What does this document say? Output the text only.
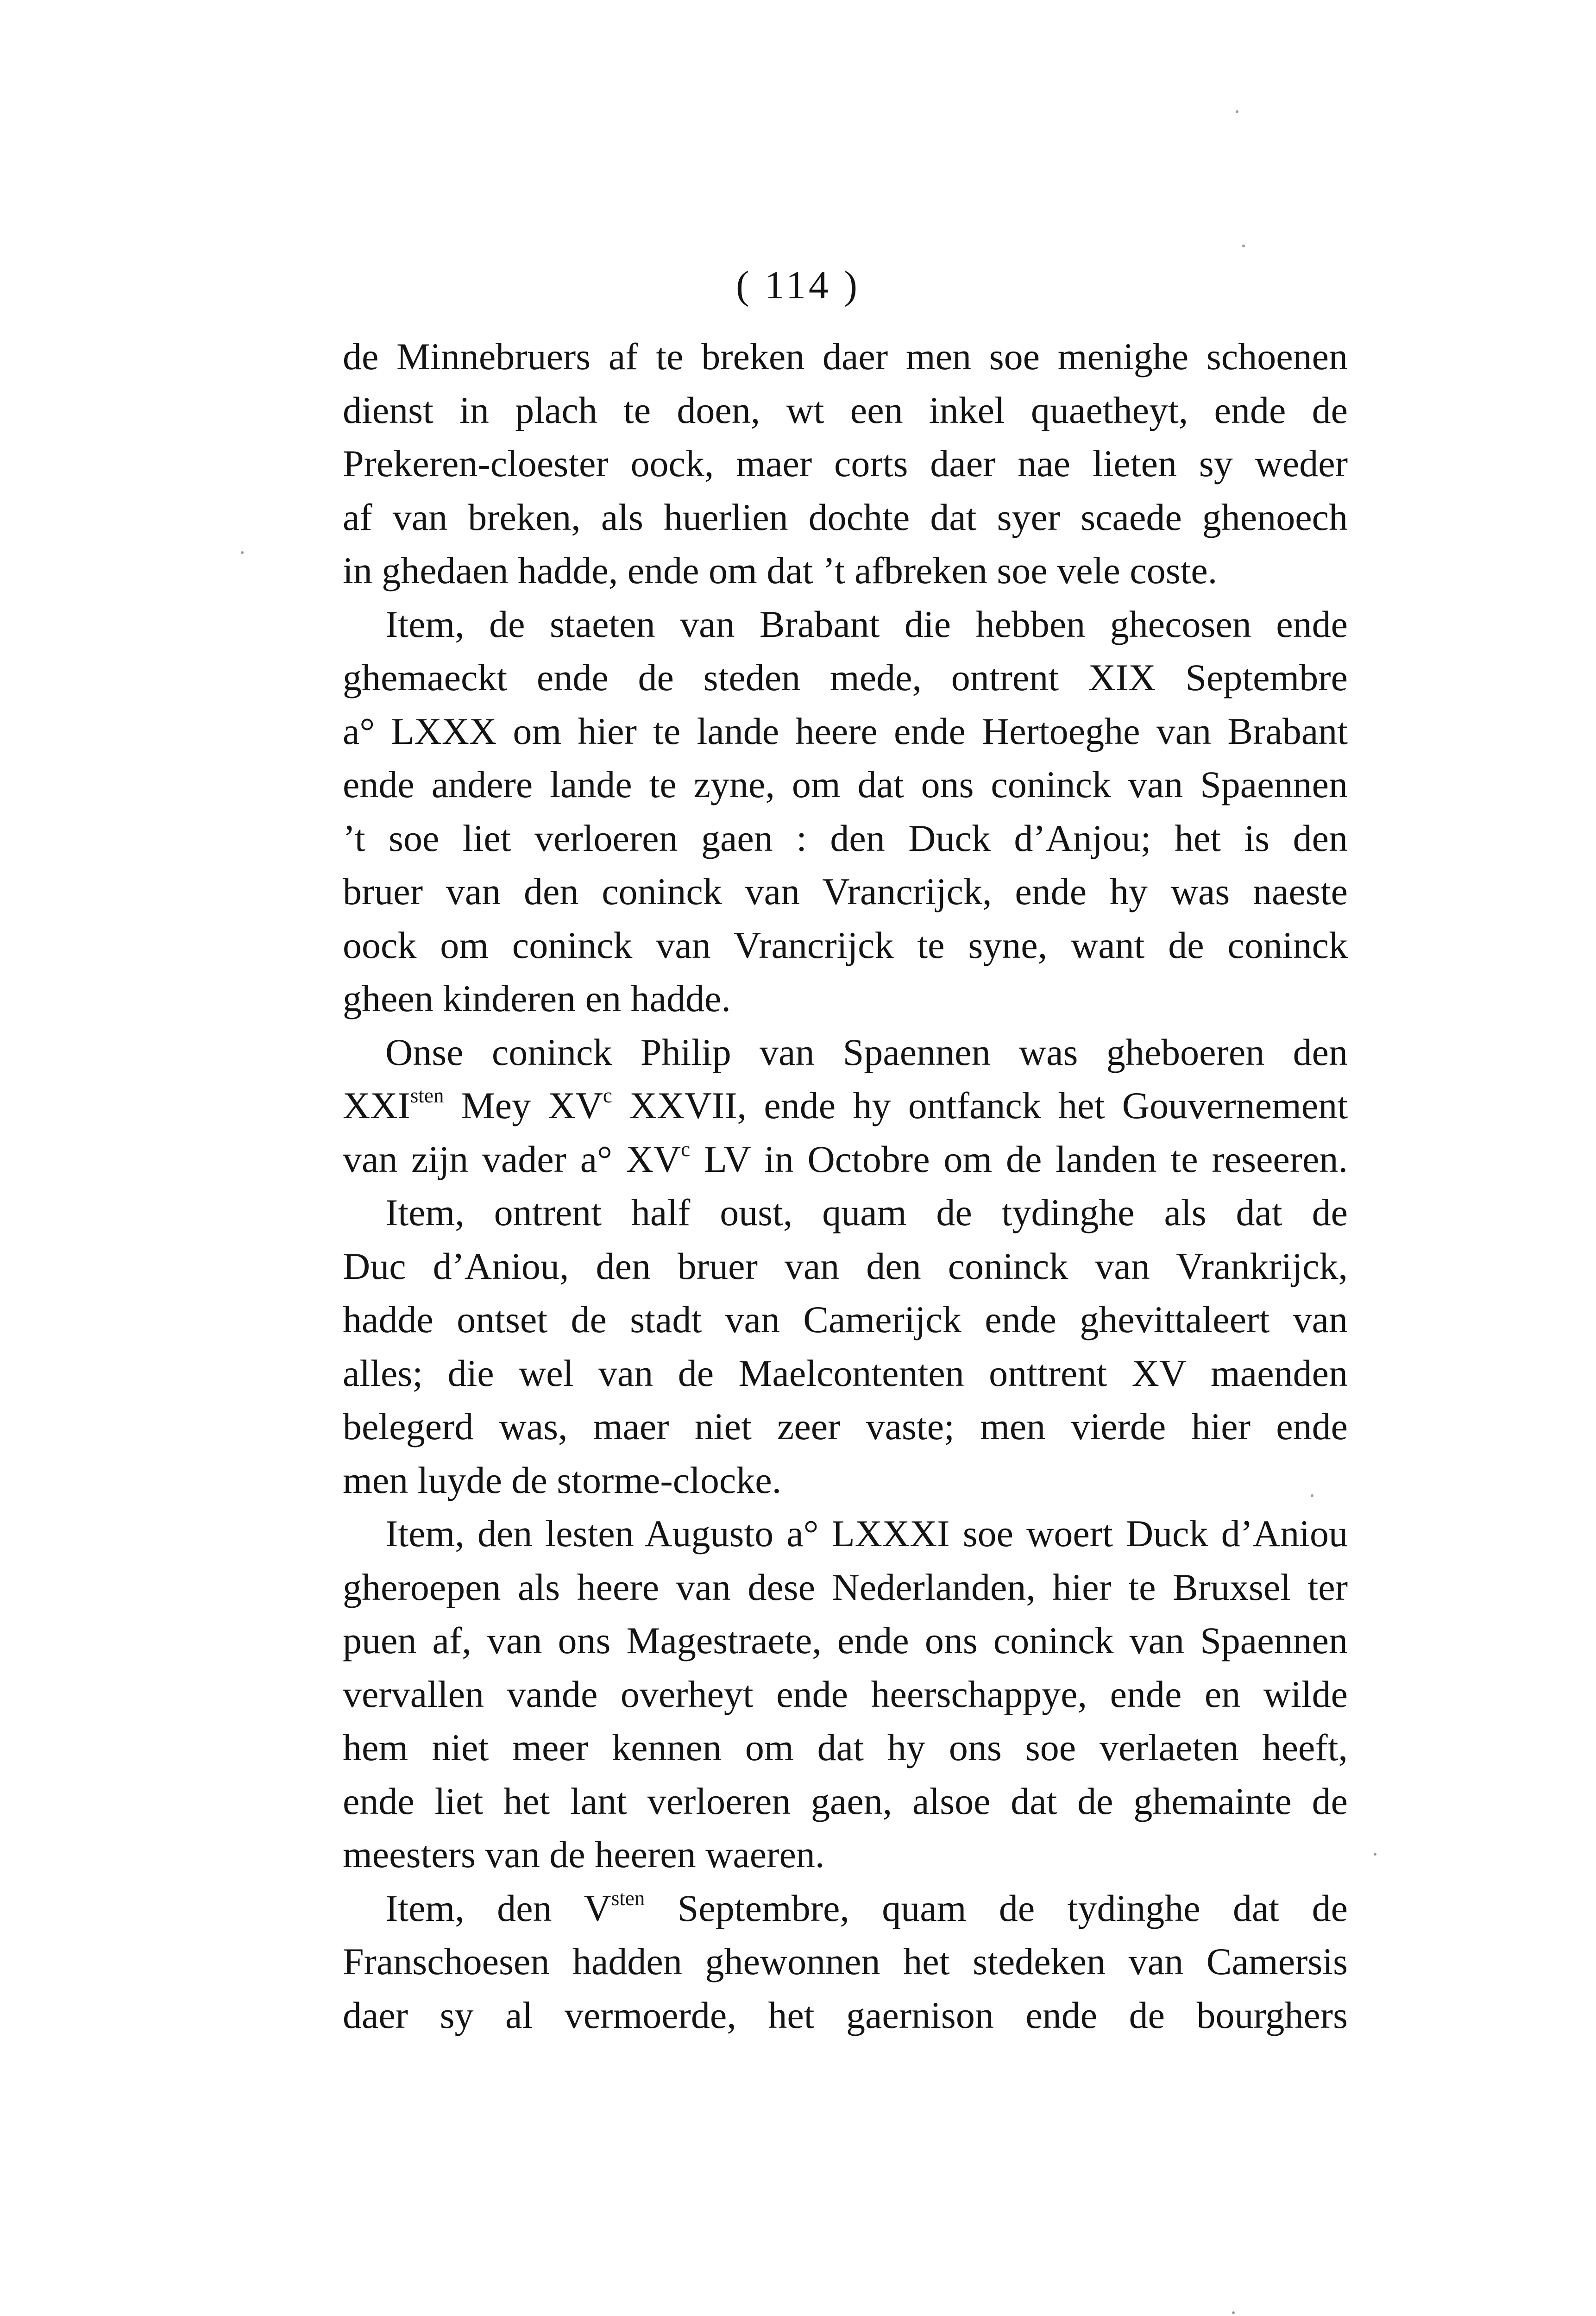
( 114 )
de Minnebruers af te breken daer men soe menighe schoenen
dienst in plach te doen, wt een inkel quaetheyt, ende de
Prekeren-cloester oock, maer corts daer nae lieten sy weder
af van breken, als huerlien dochte dat syer scaede ghenoech
in ghedaen hadde, ende om dat ’t afbreken soe vele coste.
Item, de staeten van Brabant die hebben ghecosen ende
ghemaeckt ende de steden mede, ontrent XIX Septembre
a° LXXX om hier te lande heere ende Hertoeghe van Brabant
ende andere lande te zyne, om dat ons coninck van Spaennen
’t soe liet verloeren gaen : den Duck d’Anjou; het is den
bruer van den coninck van Vrancrijck, ende hy was naeste
oock om coninck van Vrancrijck te syne, want de coninck
gheen kinderen en hadde.
Onse coninck Philip van Spaennen was gheboeren den
$XXI^{sten}$ Mey $XV^c$ XXVII, ende hy ontfanck het Gouvernement
van zijn vader a° $XV^c$ LV in Octobre om de landen te reseeren.
Item, ontrent half oust, quam de tydinghe als dat de
Duc d’Aniou, den bruer van den coninck van Vrankrijck,
hadde ontset de stadt van Camerijck ende ghevittaleert van
alles; die wel van de Maelcontenten onttrent XV maenden
belegerd was, maer niet zeer vaste; men vierde hier ende
men luyde de storme-clocke.
Item, den lesten Augusto a° LXXXI soe woert Duck d’Aniou
gheroepen als heere van dese Nederlanden, hier te Bruxsel ter
puen af, van ons Magestraete, ende ons coninck van Spaennen
vervallen vande overheyt ende heerschappye, ende en wilde
hem niet meer kennen om dat hy ons soe verlaeten heeft,
ende liet het lant verloeren gaen, alsoe dat de ghemainte de
meesters van de heeren waeren.
Item, den $V^{sten}$ Septembre, quam de tydinghe dat de
Franschoesen hadden ghewonnen het stedeken van Camersis
daer sy al vermoerde, het gaernison ende de bourghers
